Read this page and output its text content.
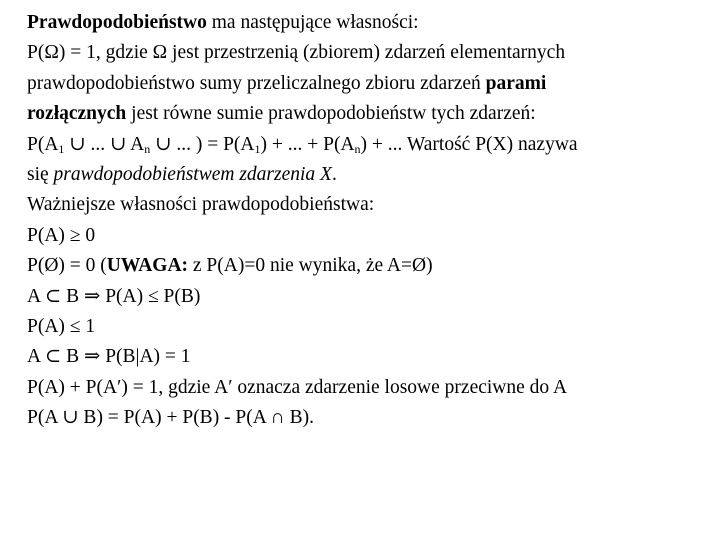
Prawdopodobieństwo ma następujące własności:
P(Ω) = 1, gdzie Ω jest przestrzenią (zbiorem) zdarzeń elementarnych
prawdopodobieństwo sumy przeliczalnego zbioru zdarzeń parami
rozłącznych jest równe sumie prawdopodobieństw tych zdarzeń:
$P(A_1$ ∪ ... ∪ $A_n$ ∪ ... ) = $P(A_1)$ + ... + $P(A_n)$ + ... Wartość P(X) nazywa
się prawdopodobieństwem zdarzenia X.
Ważniejsze własności prawdopodobieństwa:
P(A) ≥ 0
P(Ø) = 0 (UWAGA: z P(A)=0 nie wynika, że A=Ø)
A ⊂ B ⇒ P(A) ≤ P(B)
P(A) ≤ 1
A ⊂ B ⇒ P(B|A) = 1
P(A) + P(A′) = 1, gdzie A′ oznacza zdarzenie losowe przeciwne do A
P(A ∪ B) = P(A) + P(B) - P(A ∩ B).
